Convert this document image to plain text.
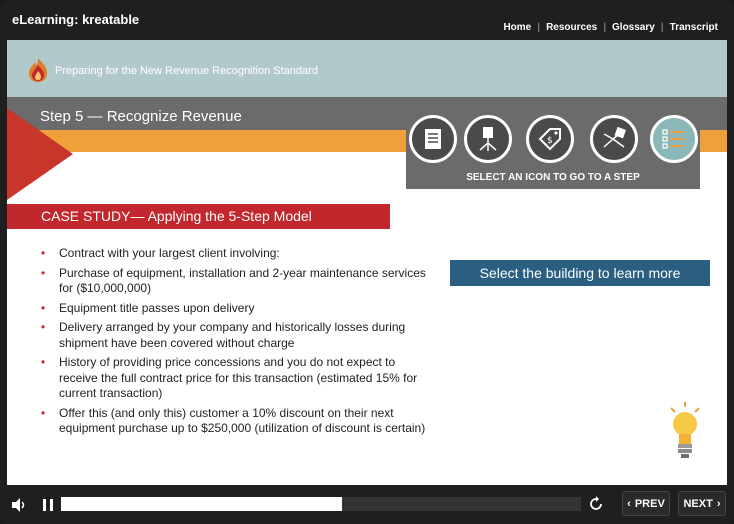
eLearning: kreatable
Home | Resources | Glossary | Transcript
Preparing for the New Revenue Recognition Standard
Step 5 — Recognize Revenue
$
SELECT AN ICON TO GO TO A STEP
CASE STUDY— Applying the 5-Step Model
• Contract with your largest client involving:
• Purchase of equipment, installation and 2-year maintenance services for ($10,000,000)
• Equipment title passes upon delivery
• Delivery arranged by your company and historically losses during shipment have been covered without charge
• History of providing price concessions and you do not expect to receive the full contract price for this transaction (estimated 15% for current transaction)
• Offer this (and only this) customer a 10% discount on their next equipment purchase up to $250,000 (utilization of discount is certain)
Select the building to learn more
‹ PREV NEXT ›
